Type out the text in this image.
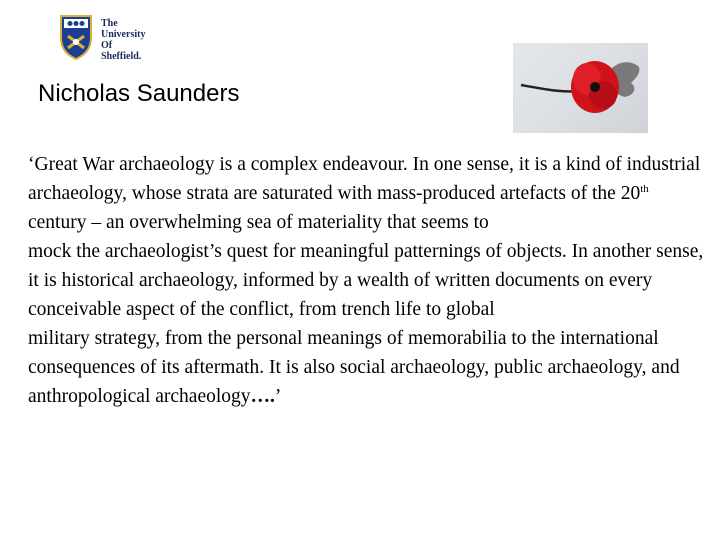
The
University
Of
Sheffield.
Nicholas Saunders

‘Great War archaeology is a complex endeavour. In one sense, it is a kind of industrial archaeology, whose strata are saturated with mass-produced artefacts of the 20th century – an overwhelming sea of materiality that seems to
mock the archaeologist’s quest for meaningful patternings of objects. In another sense, it is historical archaeology, informed by a wealth of written documents on every conceivable aspect of the conflict, from trench life to global
military strategy, from the personal meanings of memorabilia to the international consequences of its aftermath. It is also social archaeology, public archaeology, and anthropological archaeology….’
